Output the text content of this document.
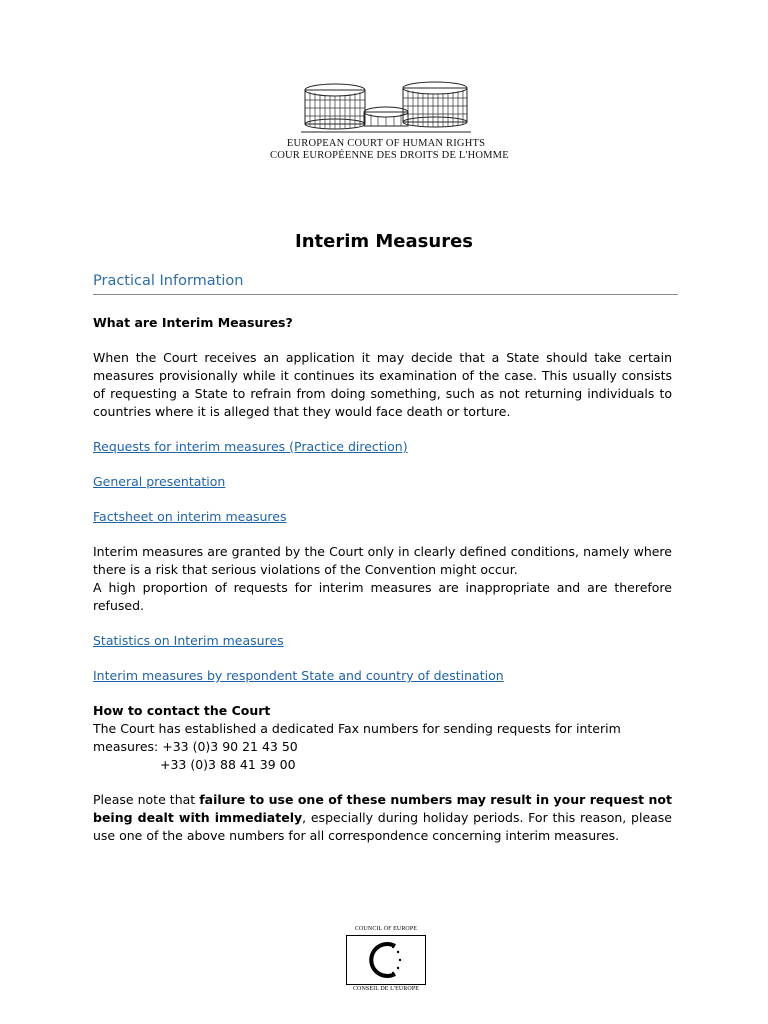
EUROPEAN COURT OF HUMAN RIGHTS
COUR EUROPÉENNE DES DROITS DE L'HOMME
Interim Measures
Practical Information

What are Interim Measures?

When the Court receives an application it may decide that a State should take certain measures provisionally while it continues its examination of the case. This usually consists of requesting a State to refrain from doing something, such as not returning individuals to countries where it is alleged that they would face death or torture.

Requests for interim measures (Practice direction)

General presentation

Factsheet on interim measures

Interim measures are granted by the Court only in clearly defined conditions, namely where there is a risk that serious violations of the Convention might occur.
A high proportion of requests for interim measures are inappropriate and are therefore refused.

Statistics on Interim measures

Interim measures by respondent State and country of destination

How to contact the Court

The Court has established a dedicated Fax numbers for sending requests for interim

measures: +33 (0)3 90 21 43 50

+33 (0)3 88 41 39 00

Please note that failure to use one of these numbers may result in your request not being dealt with immediately, especially during holiday periods. For this reason, please use one of the above numbers for all correspondence concerning interim measures.

COUNCIL OF EUROPE
CONSEIL DE L'EUROPE
